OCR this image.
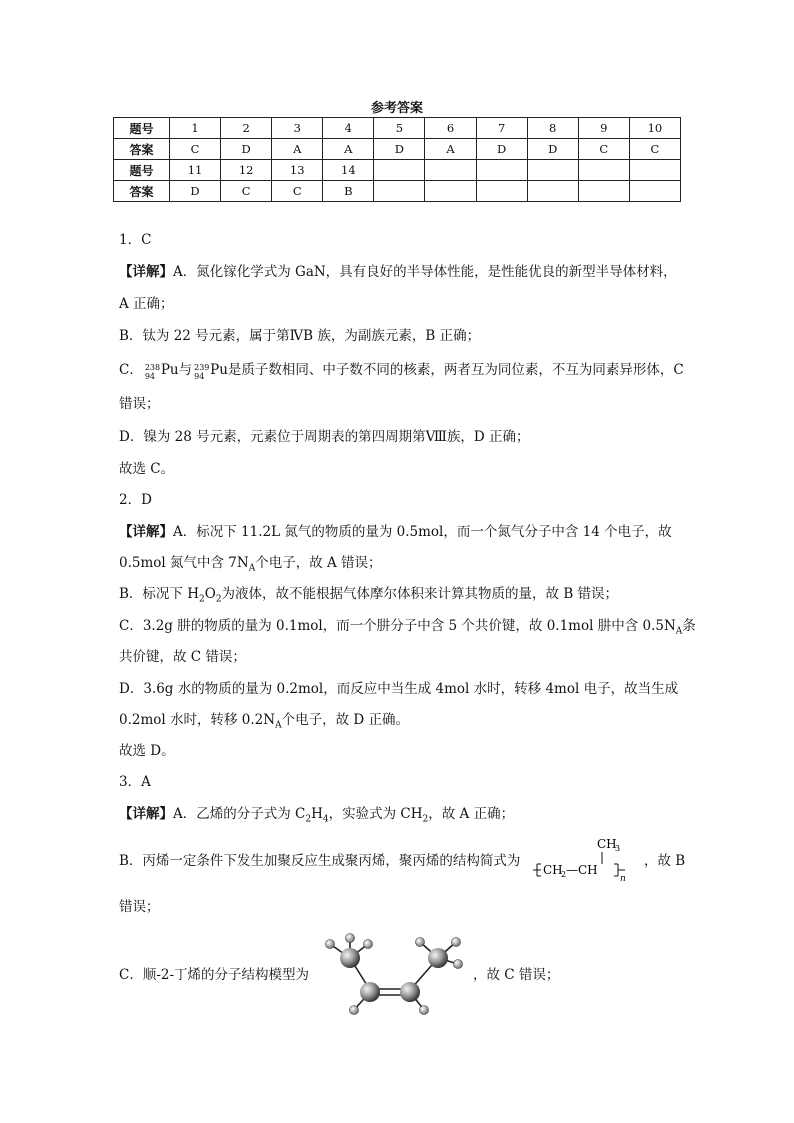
参考答案
题号	1	2	3	4	5	6	7	8	9	10
答案	C	D	A	A	D	A	D	D	C	C
题号	11	12	13	14						
答案	D	C	C	B						
1．C
【详解】A．氮化镓化学式为 GaN，具有良好的半导体性能，是性能优良的新型半导体材料，
A 正确；
B．钛为 22 号元素，属于第ⅣB 族，为副族元素，B 正确；
C． 238
94 Pu与 239
94 Pu是质子数相同、中子数不同的核素，两者互为同位素，不互为同素异形体，C
错误；
D．镍为 28 号元素，元素位于周期表的第四周期第Ⅷ族，D 正确；
故选 C。
2．D
【详解】A．标况下 11.2L 氮气的物质的量为 0.5mol，而一个氮气分子中含 14 个电子，故
0.5mol 氮气中含 $7N_A$个电子，故 A 错误；
B．标况下 $H_2O_2$为液体，故不能根据气体摩尔体积来计算其物质的量，故 B 错误；
C．3.2g 肼的物质的量为 0.1mol，而一个肼分子中含 5 个共价键，故 0.1mol 肼中含 $0.5N_A$条
共价键，故 C 错误；
D．3.6g 水的物质的量为 0.2mol，而反应中当生成 4mol 水时，转移 4mol 电子，故当生成
0.2mol 水时，转移 $0.2N_A$个电子，故 D 正确。
故选 D。
3．A
【详解】A．乙烯的分子式为 $C_2H_4$，实验式为 $CH_2$，故 A 正确；
B．丙烯一定条件下发生加聚反应生成聚丙烯，聚丙烯的结构简式为
CH
3
CH
2 —CH
n
，故 B
错误；
C．顺-2-丁烯的分子结构模型为	，故 C 错误；
